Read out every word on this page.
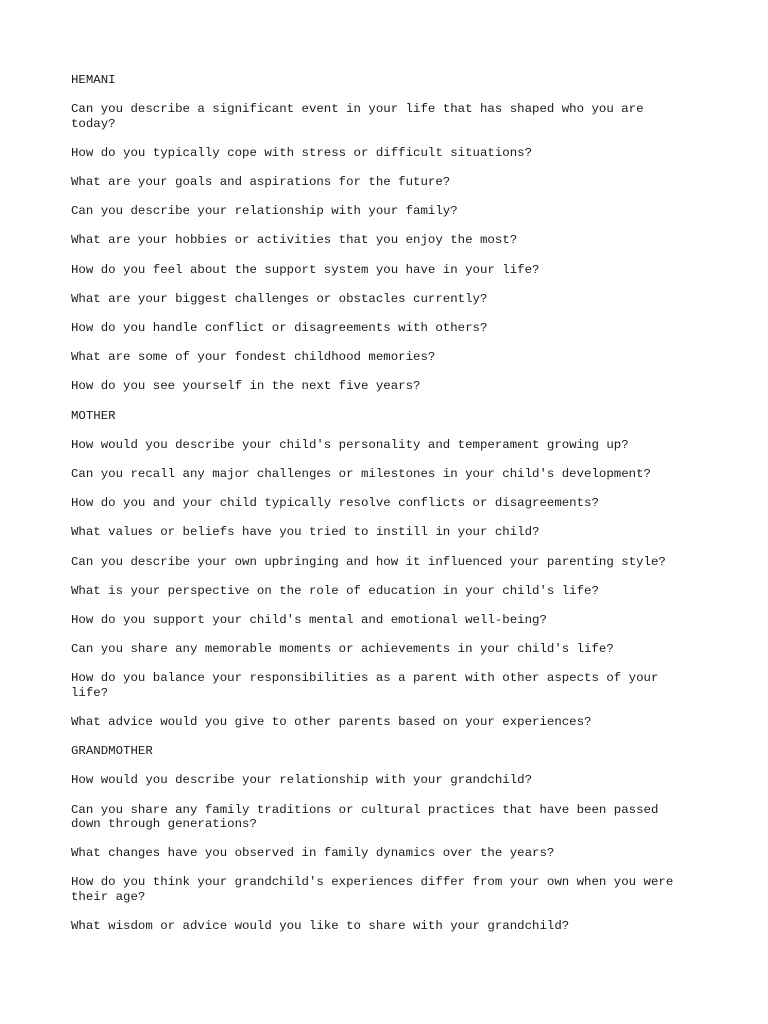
HEMANI

Can you describe a significant event in your life that has shaped who you are today?

How do you typically cope with stress or difficult situations?

What are your goals and aspirations for the future?

Can you describe your relationship with your family?

What are your hobbies or activities that you enjoy the most?

How do you feel about the support system you have in your life?

What are your biggest challenges or obstacles currently?

How do you handle conflict or disagreements with others?

What are some of your fondest childhood memories?

How do you see yourself in the next five years?

MOTHER

How would you describe your child's personality and temperament growing up?

Can you recall any major challenges or milestones in your child's development?

How do you and your child typically resolve conflicts or disagreements?

What values or beliefs have you tried to instill in your child?

Can you describe your own upbringing and how it influenced your parenting style?

What is your perspective on the role of education in your child's life?

How do you support your child's mental and emotional well-being?

Can you share any memorable moments or achievements in your child's life?

How do you balance your responsibilities as a parent with other aspects of your life?

What advice would you give to other parents based on your experiences?

GRANDMOTHER

How would you describe your relationship with your grandchild?

Can you share any family traditions or cultural practices that have been passed down through generations?

What changes have you observed in family dynamics over the years?

How do you think your grandchild's experiences differ from your own when you were their age?

What wisdom or advice would you like to share with your grandchild?
